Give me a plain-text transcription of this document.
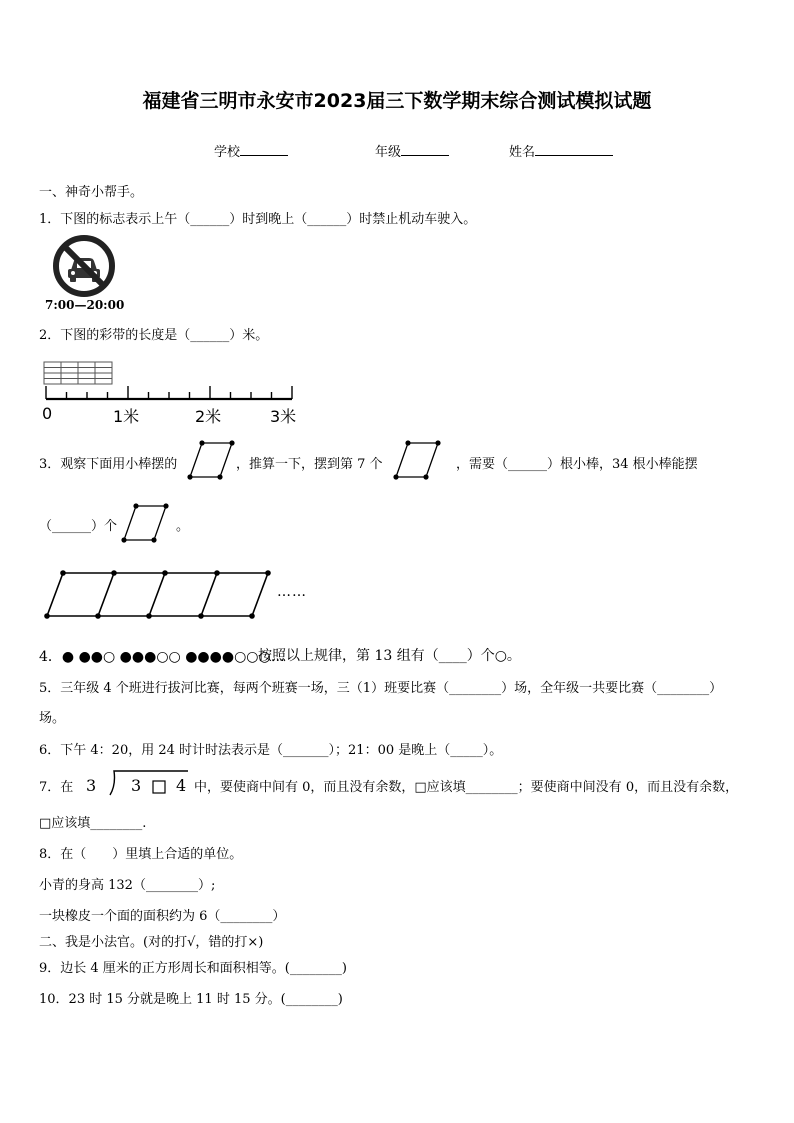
福建省三明市永安市2023届三下数学期末综合测试模拟试题
学校	年级	姓名
一、神奇小帮手。
1．下图的标志表示上午（______）时到晚上（______）时禁止机动车驶入。
7:00—20:00
2．下图的彩带的长度是（______）米。
0	1米	2米	3米
3．观察下面用小棒摆的	，推算一下，摆到第 7 个	，需要（______）根小棒，34 根小棒能摆
（______）个	。
……
4．● ●●○ ●●●○○ ●●●●○○○…
按照以上规律，第 13 组有（____）个○。
5．三年级 4 个班进行拔河比赛，每两个班赛一场，三（1）班要比赛（________）场，全年级一共要比赛（________）
场。
6．下午 4：20，用 24 时计时法表示是（_______）；21：00 是晚上（_____）。
7．在 3 3 4 中，要使商中间有 0，而且没有余数，□应该填________；要使商中间没有 0，而且没有余数，
□应该填________.
8．在（　　）里填上合适的单位。
小青的身高 132（________）;
一块橡皮一个面的面积约为 6（________）
二、我是小法官。(对的打√，错的打×)
9．边长 4 厘米的正方形周长和面积相等。(________)
10．23 时 15 分就是晚上 11 时 15 分。(________)
